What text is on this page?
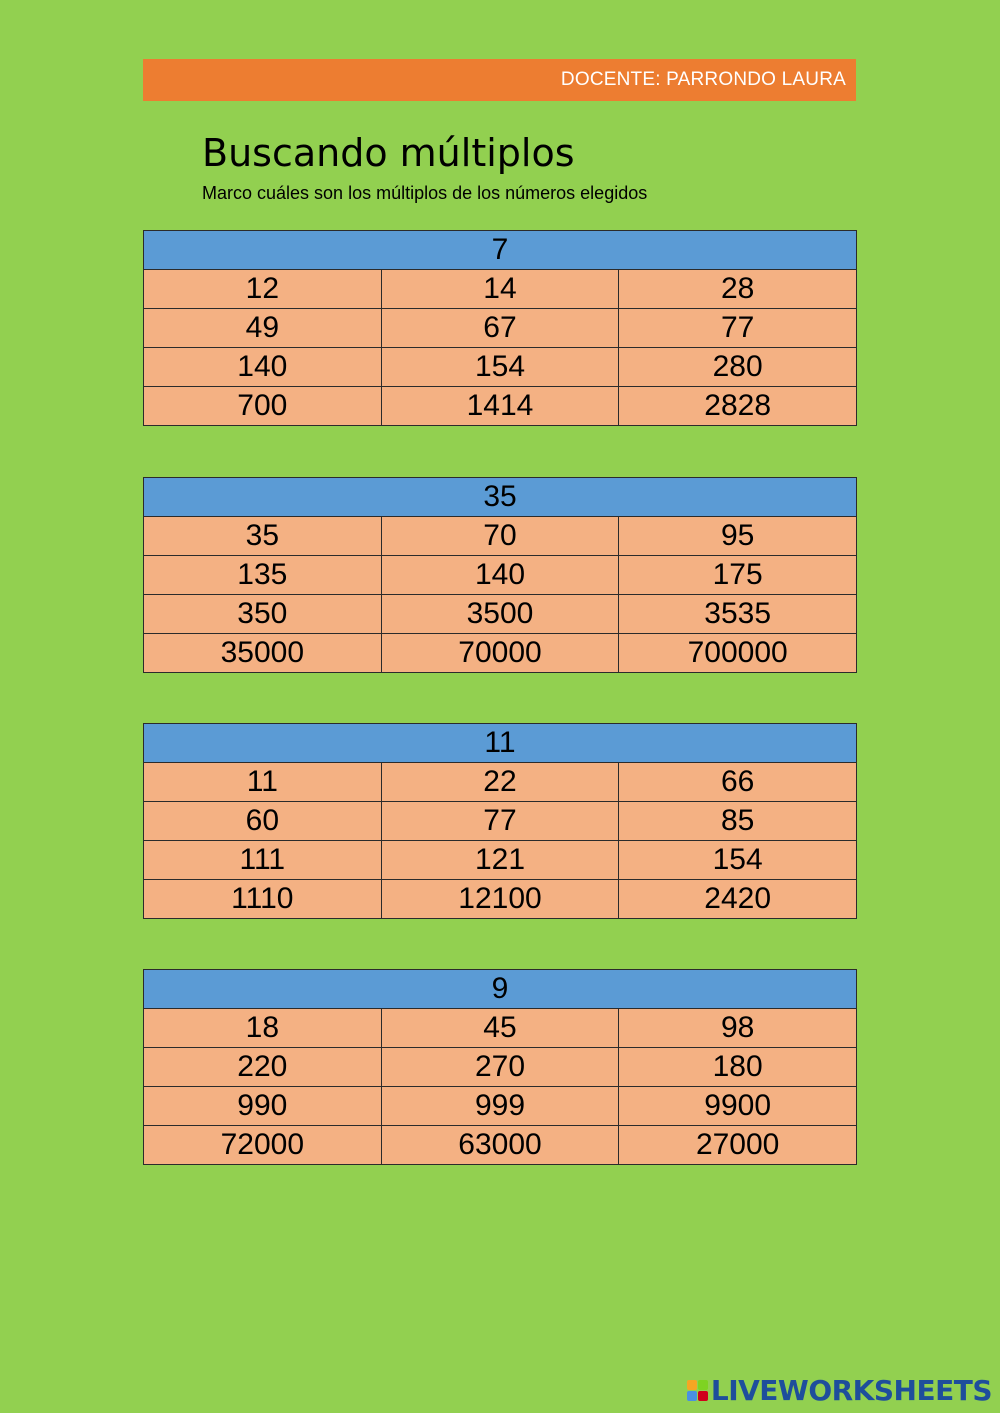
DOCENTE: PARRONDO LAURA
Buscando múltiplos
Marco cuáles son los múltiplos de los números elegidos
7		
12	14	28
49	67	77
140	154	280
700	1414	2828
35		
35	70	95
135	140	175
350	3500	3535
35000	70000	700000
11		
11	22	66
60	77	85
111	121	154
1110	12100	2420
9		
18	45	98
220	270	180
990	999	9900
72000	63000	27000
LIVEWORKSHEETS
